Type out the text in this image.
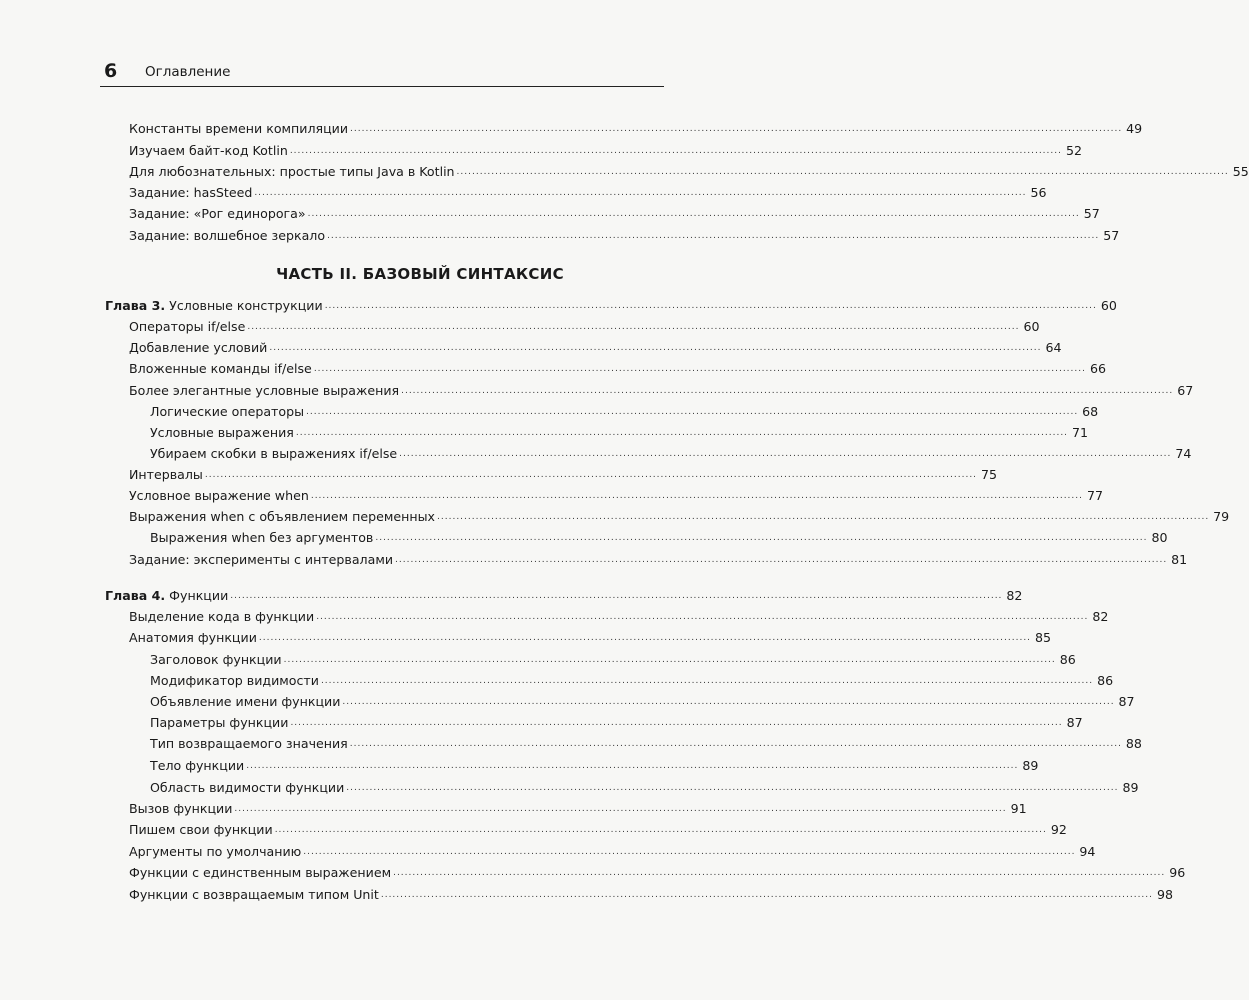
6 Оглавление
ЧАСТЬ II. БАЗОВЫЙ СИНТАКСИС
Константы времени компиляции ........................................................................................................................................................................................................ 49
Изучаем байт-код Kotlin ........................................................................................................................................................................................................ 52
Для любознательных: простые типы Java в Kotlin ........................................................................................................................................................................................................ 55
Задание: hasSteed ........................................................................................................................................................................................................ 56
Задание: «Рог единорога» ........................................................................................................................................................................................................ 57
Задание: волшебное зеркало ........................................................................................................................................................................................................ 57
Глава 3. Условные конструкции ........................................................................................................................................................................................................ 60
Операторы if/else ........................................................................................................................................................................................................ 60
Добавление условий ........................................................................................................................................................................................................ 64
Вложенные команды if/else ........................................................................................................................................................................................................ 66
Более элегантные условные выражения ........................................................................................................................................................................................................ 67
Логические операторы ........................................................................................................................................................................................................ 68
Условные выражения ........................................................................................................................................................................................................ 71
Убираем скобки в выражениях if/else ........................................................................................................................................................................................................ 74
Интервалы ........................................................................................................................................................................................................ 75
Условное выражение when ........................................................................................................................................................................................................ 77
Выражения when с объявлением переменных ........................................................................................................................................................................................................ 79
Выражения when без аргументов ........................................................................................................................................................................................................ 80
Задание: эксперименты с интервалами ........................................................................................................................................................................................................ 81
Глава 4. Функции ........................................................................................................................................................................................................ 82
Выделение кода в функции ........................................................................................................................................................................................................ 82
Анатомия функции ........................................................................................................................................................................................................ 85
Заголовок функции ........................................................................................................................................................................................................ 86
Модификатор видимости ........................................................................................................................................................................................................ 86
Объявление имени функции ........................................................................................................................................................................................................ 87
Параметры функции ........................................................................................................................................................................................................ 87
Тип возвращаемого значения ........................................................................................................................................................................................................ 88
Тело функции ........................................................................................................................................................................................................ 89
Область видимости функции ........................................................................................................................................................................................................ 89
Вызов функции ........................................................................................................................................................................................................ 91
Пишем свои функции ........................................................................................................................................................................................................ 92
Аргументы по умолчанию ........................................................................................................................................................................................................ 94
Функции с единственным выражением ........................................................................................................................................................................................................ 96
Функции с возвращаемым типом Unit ........................................................................................................................................................................................................ 98
